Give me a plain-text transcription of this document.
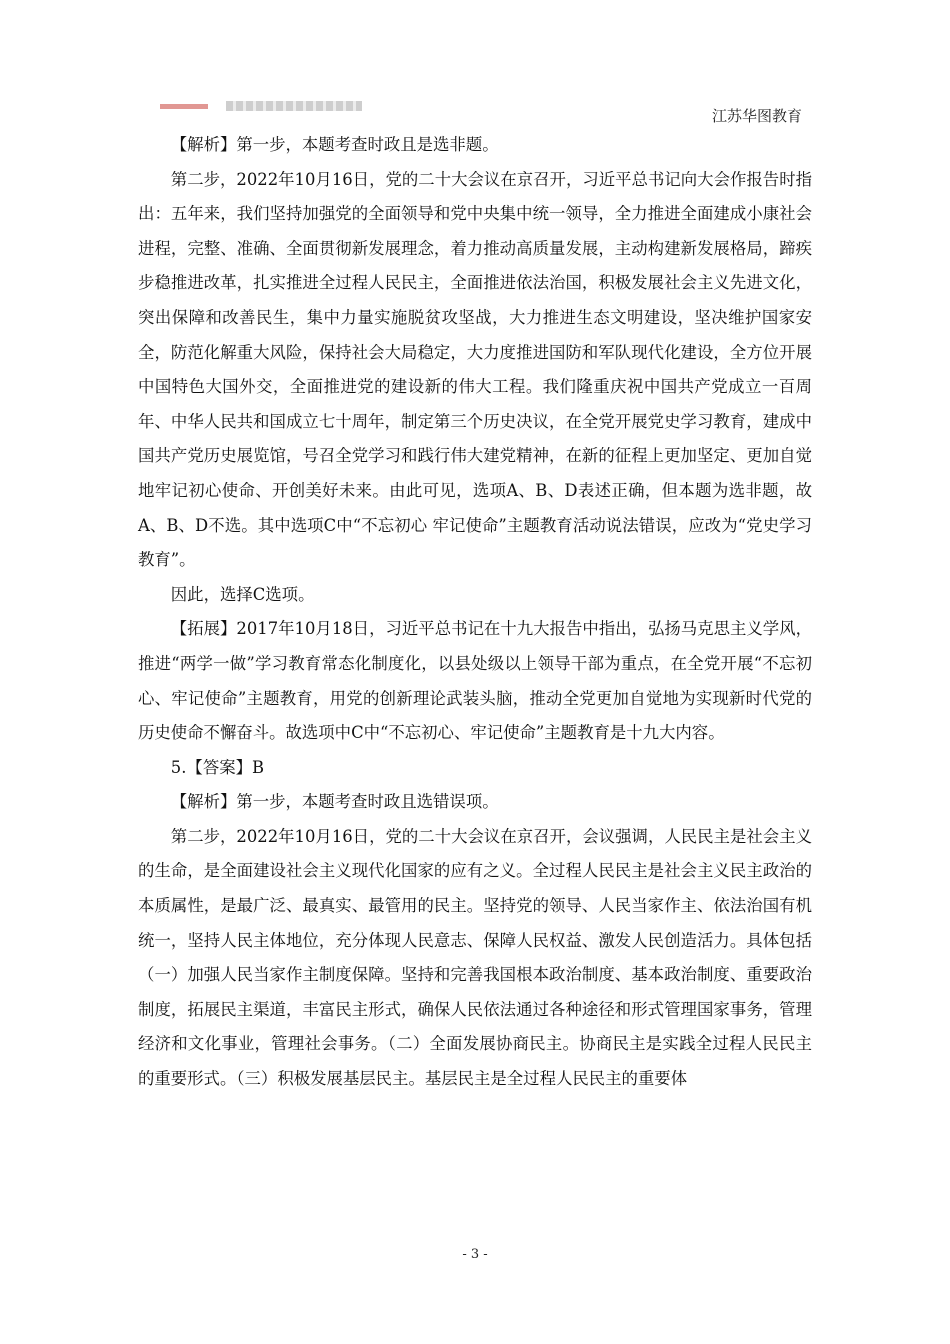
江苏华图教育

【解析】第一步，本题考查时政且是选非题。

第二步，2022年10月16日，党的二十大会议在京召开，习近平总书记向大会作报告时指出：五年来，我们坚持加强党的全面领导和党中央集中统一领导，全力推进全面建成小康社会进程，完整、准确、全面贯彻新发展理念，着力推动高质量发展，主动构建新发展格局，蹄疾步稳推进改革，扎实推进全过程人民民主，全面推进依法治国，积极发展社会主义先进文化，突出保障和改善民生，集中力量实施脱贫攻坚战，大力推进生态文明建设，坚决维护国家安全，防范化解重大风险，保持社会大局稳定，大力度推进国防和军队现代化建设，全方位开展中国特色大国外交，全面推进党的建设新的伟大工程。我们隆重庆祝中国共产党成立一百周年、中华人民共和国成立七十周年，制定第三个历史决议，在全党开展党史学习教育，建成中国共产党历史展览馆，号召全党学习和践行伟大建党精神，在新的征程上更加坚定、更加自觉地牢记初心使命、开创美好未来。由此可见，选项A、B、D表述正确，但本题为选非题，故A、B、D不选。其中选项C中“不忘初心 牢记使命”主题教育活动说法错误，应改为“党史学习教育”。

因此，选择C选项。

【拓展】2017年10月18日，习近平总书记在十九大报告中指出，弘扬马克思主义学风，推进“两学一做”学习教育常态化制度化，以县处级以上领导干部为重点，在全党开展“不忘初心、牢记使命”主题教育，用党的创新理论武装头脑，推动全党更加自觉地为实现新时代党的历史使命不懈奋斗。故选项中C中“不忘初心、牢记使命”主题教育是十九大内容。

5.【答案】B

【解析】第一步，本题考查时政且选错误项。

第二步，2022年10月16日，党的二十大会议在京召开，会议强调，人民民主是社会主义的生命，是全面建设社会主义现代化国家的应有之义。全过程人民民主是社会主义民主政治的本质属性，是最广泛、最真实、最管用的民主。坚持党的领导、人民当家作主、依法治国有机统一，坚持人民主体地位，充分体现人民意志、保障人民权益、激发人民创造活力。具体包括（一）加强人民当家作主制度保障。坚持和完善我国根本政治制度、基本政治制度、重要政治制度，拓展民主渠道，丰富民主形式，确保人民依法通过各种途径和形式管理国家事务，管理经济和文化事业，管理社会事务。（二）全面发展协商民主。协商民主是实践全过程人民民主的重要形式。（三）积极发展基层民主。基层民主是全过程人民民主的重要体

- 3 -
